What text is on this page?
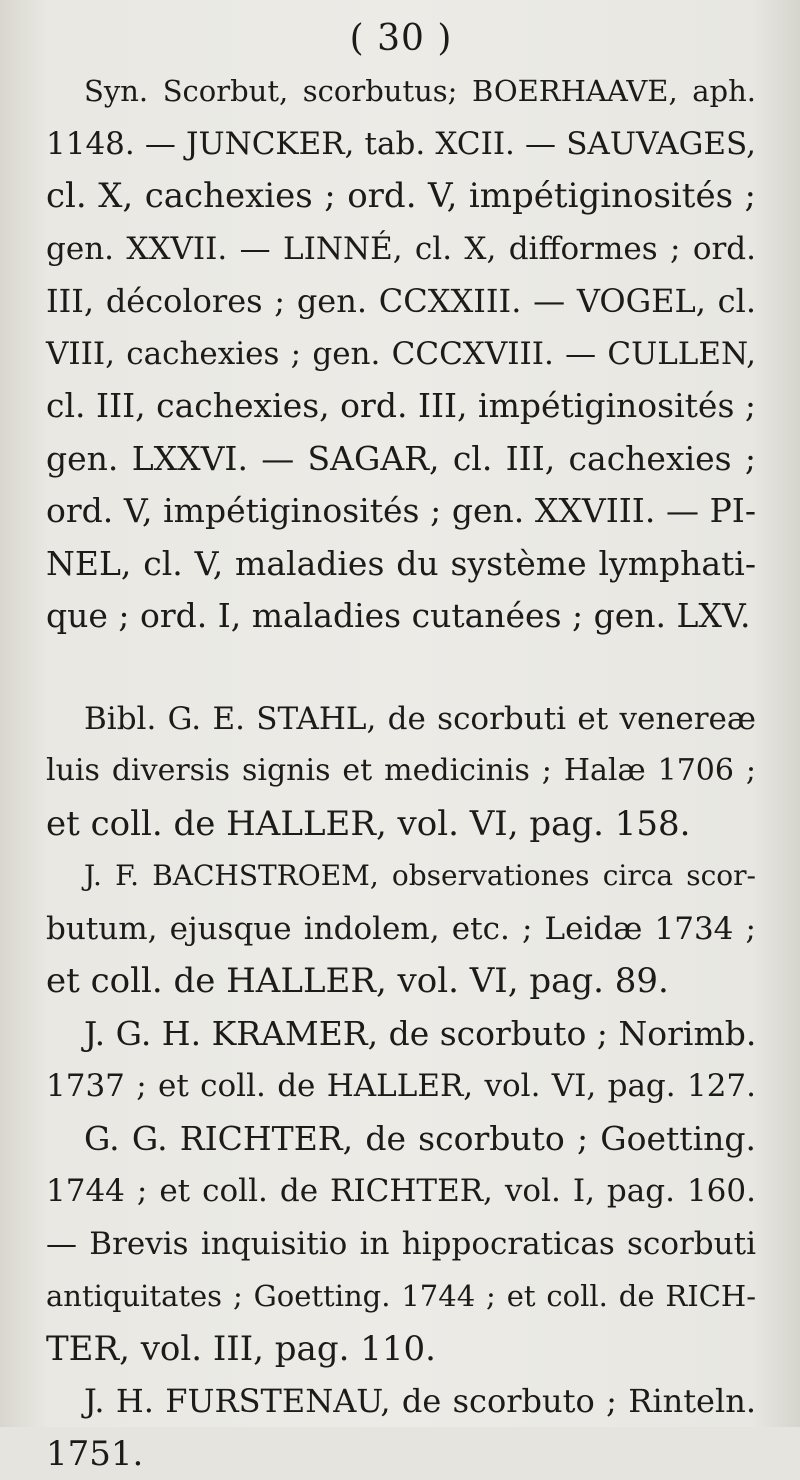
( 30 )

Syn. Scorbut, scorbutus; BOERHAAVE, aph.

1148. — JUNCKER, tab. XCII. — SAUVAGES,

cl. X, cachexies ; ord. V, impétiginosités ;

gen. XXVII. — LINNÉ, cl. X, difformes ; ord.

III, décolores ; gen. CCXXIII. — VOGEL, cl.

VIII, cachexies ; gen. CCCXVIII. — CULLEN,

cl. III, cachexies, ord. III, impétiginosités ;

gen. LXXVI. — SAGAR, cl. III, cachexies ;

ord. V, impétiginosités ; gen. XXVIII. — PI-

NEL, cl. V, maladies du système lymphati-

que ; ord. I, maladies cutanées ; gen. LXV.

Bibl. G. E. STAHL, de scorbuti et venereæ

luis diversis signis et medicinis ; Halæ 1706 ;

et coll. de HALLER, vol. VI, pag. 158.

J. F. BACHSTROEM, observationes circa scor-

butum, ejusque indolem, etc. ; Leidæ 1734 ;

et coll. de HALLER, vol. VI, pag. 89.

J. G. H. KRAMER, de scorbuto ; Norimb.

1737 ; et coll. de HALLER, vol. VI, pag. 127.

G. G. RICHTER, de scorbuto ; Goetting.

1744 ; et coll. de RICHTER, vol. I, pag. 160.

— Brevis inquisitio in hippocraticas scorbuti

antiquitates ; Goetting. 1744 ; et coll. de RICH-

TER, vol. III, pag. 110.

J. H. FURSTENAU, de scorbuto ; Rinteln.

1751.
